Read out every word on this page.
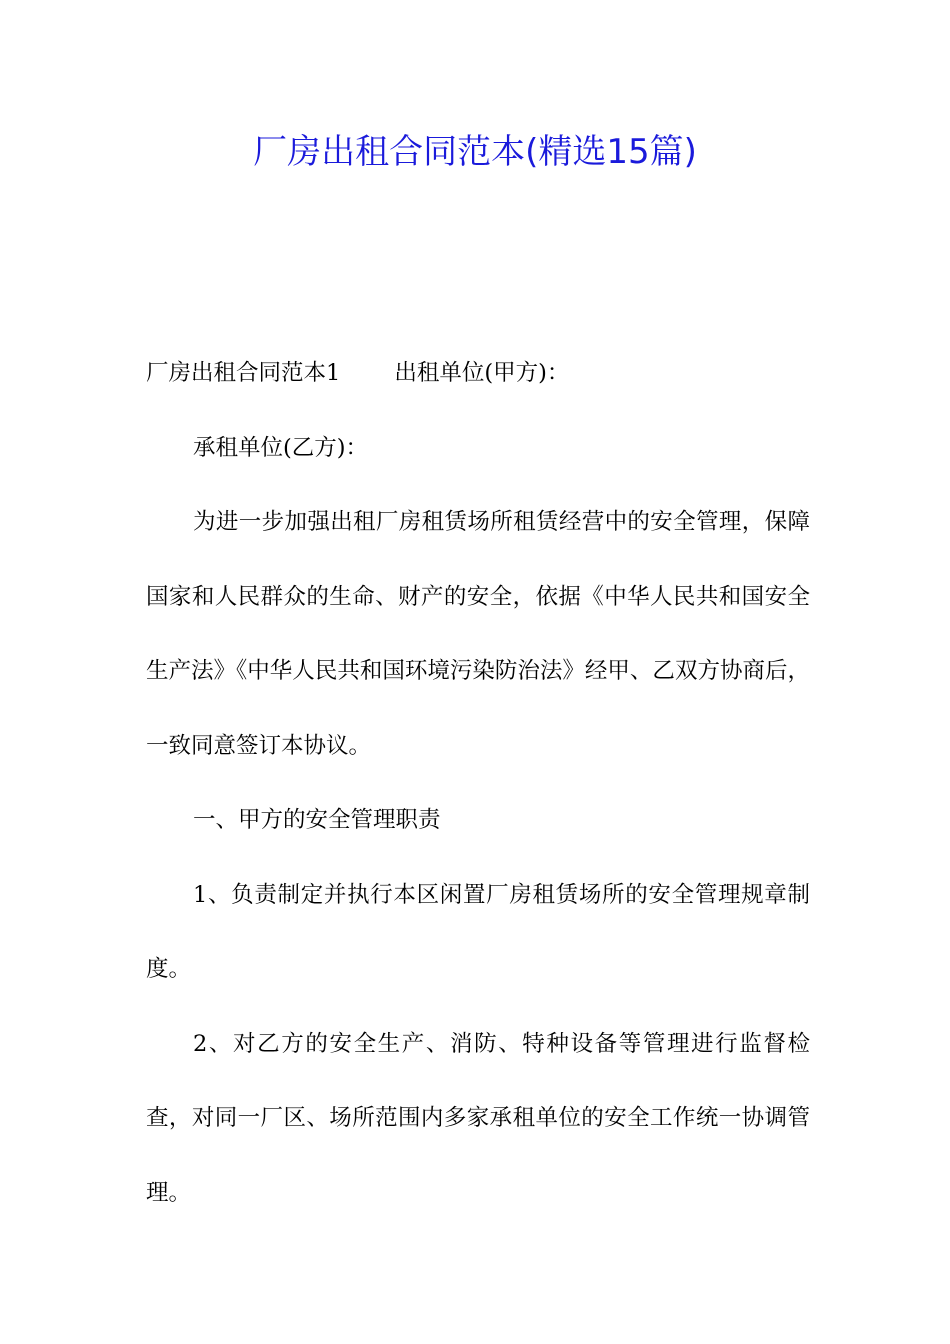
厂房出租合同范本(精选15篇)

厂房出租合同范本1 出租单位(甲方)：

承租单位(乙方)：

为进一步加强出租厂房租赁场所租赁经营中的安全管理，保障国家和人民群众的生命、财产的安全，依据《中华人民共和国安全生产法》《中华人民共和国环境污染防治法》经甲、乙双方协商后，一致同意签订本协议。

一、甲方的安全管理职责

1、负责制定并执行本区闲置厂房租赁场所的安全管理规章制度。

2、对乙方的安全生产、消防、特种设备等管理进行监督检查，对同一厂区、场所范围内多家承租单位的安全工作统一协调管理。
